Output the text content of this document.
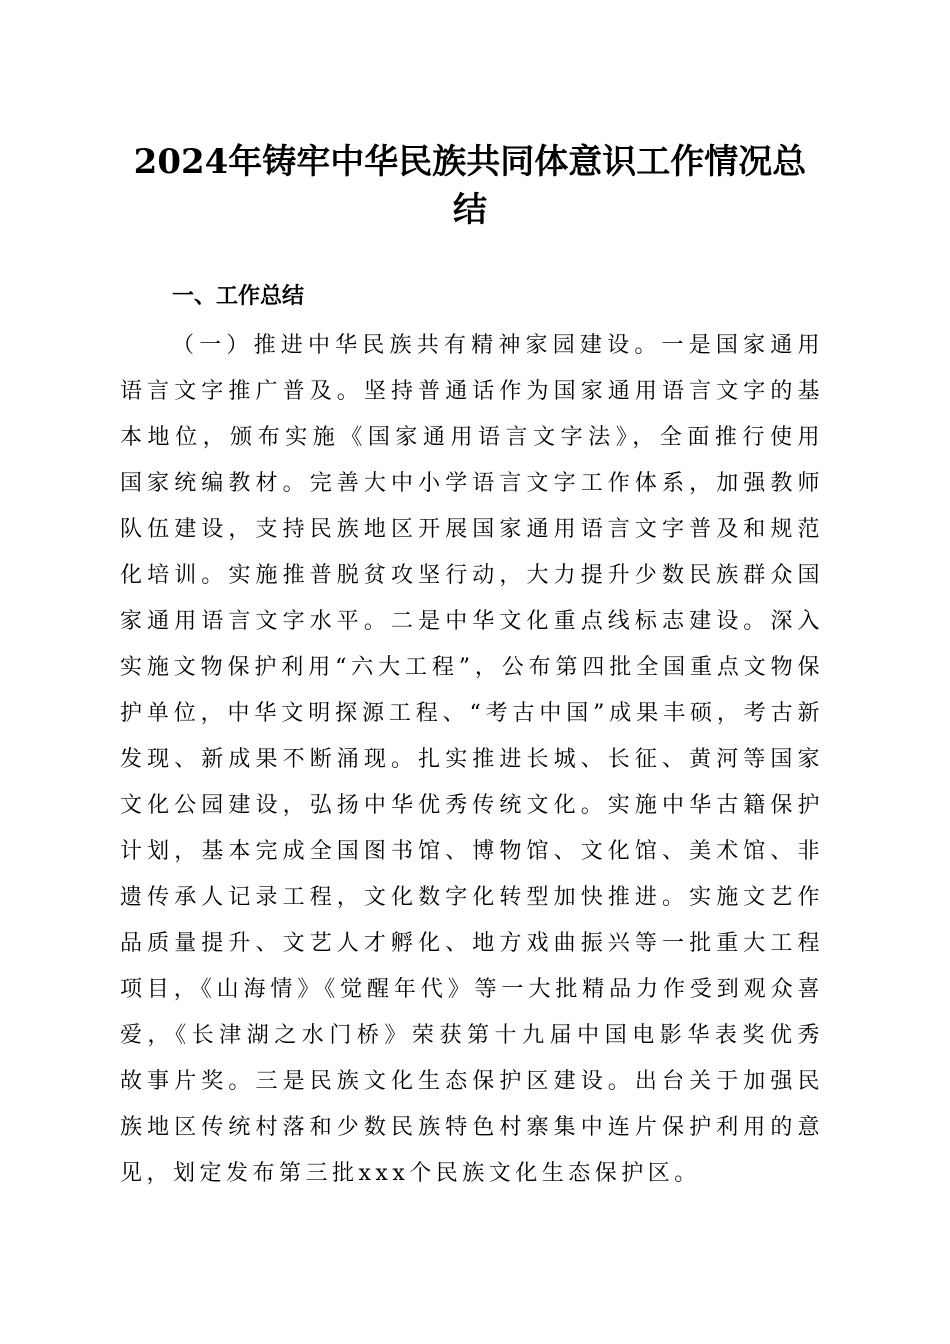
2024年铸牢中华民族共同体意识工作情况总结
一、工作总结

（一）推进中华民族共有精神家园建设。一是国家通用语言文字推广普及。坚持普通话作为国家通用语言文字的基本地位，颁布实施《国家通用语言文字法》，全面推行使用国家统编教材。完善大中小学语言文字工作体系，加强教师队伍建设，支持民族地区开展国家通用语言文字普及和规范化培训。实施推普脱贫攻坚行动，大力提升少数民族群众国家通用语言文字水平。二是中华文化重点线标志建设。深入实施文物保护利用“六大工程”，公布第四批全国重点文物保护单位，中华文明探源工程、“考古中国”成果丰硕，考古新发现、新成果不断涌现。扎实推进长城、长征、黄河等国家文化公园建设，弘扬中华优秀传统文化。实施中华古籍保护计划，基本完成全国图书馆、博物馆、文化馆、美术馆、非遗传承人记录工程，文化数字化转型加快推进。实施文艺作品质量提升、文艺人才孵化、地方戏曲振兴等一批重大工程项目，《山海情》《觉醒年代》等一大批精品力作受到观众喜爱，《长津湖之水门桥》荣获第十九届中国电影华表奖优秀故事片奖。三是民族文化生态保护区建设。出台关于加强民族地区传统村落和少数民族特色村寨集中连片保护利用的意见，划定发布第三批xxx个民族文化生态保护区。
